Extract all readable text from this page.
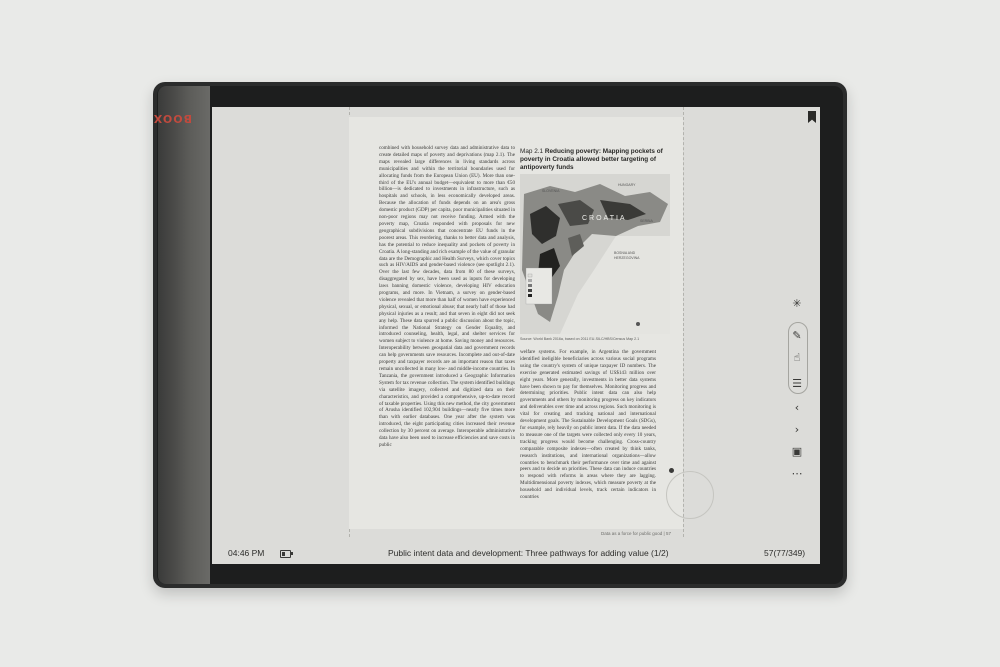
BOOX
combined with household survey data and administrative data to create detailed maps of poverty and deprivations (map 2.1). The maps revealed large differences in living standards across municipalities and within the territorial boundaries used for allocating funds from the European Union (EU). More than one-third of the EU's annual budget—equivalent to more than €50 billion—is dedicated to investments in infrastructure, such as hospitals and schools, in less economically developed areas. Because the allocation of funds depends on an area's gross domestic product (GDP) per capita, poor municipalities situated in non-poor regions may not receive funding. Armed with the poverty map, Croatia responded with proposals for new geographical subdivisions that concentrate EU funds in the poorest areas. This reordering, thanks to better data and analysis, has the potential to reduce inequality and pockets of poverty in Croatia. A long-standing and rich example of the value of granular data are the Demographic and Health Surveys, which cover topics such as HIV/AIDS and gender-based violence (see spotlight 2.1). Over the last few decades, data from 80 of these surveys, disaggregated by sex, have been used as inputs for developing laws banning domestic violence, developing HIV education programs, and more. In Vietnam, a survey on gender-based violence revealed that more than half of women have experienced physical, sexual, or emotional abuse; that nearly half of those had physical injuries as a result; and that seven in eight did not seek any help. These data spurred a public discussion about the topic, informed the National Strategy on Gender Equality, and introduced counseling, health, legal, and shelter services for women subject to violence at home. Saving money and resources. Interoperability between geospatial data and government records can help governments save resources. Incomplete and out-of-date property and taxpayer records are an important reason that taxes remain uncollected in many low- and middle-income countries. In Tanzania, the government introduced a Geographic Information System for tax revenue collection. The system identified buildings via satellite imagery, collected and digitized data on their characteristics, and provided a comprehensive, up-to-date record of taxable properties. Using this new method, the city government of Arusha identified 102,904 buildings—nearly five times more than with earlier databases. One year after the system was introduced, the eight participating cities increased their revenue collection by 30 percent on average. Interoperable administrative data have also been used to increase efficiencies and save costs in public
Map 2.1 Reducing poverty: Mapping pockets of poverty in Croatia allowed better targeting of antipoverty funds
CROATIA
BOSNIA AND
HERZEGOVINA
SLOVENIA
HUNGARY
SERBIA
Source: World Bank 2016a, based on 2011 EU-SILC/HBS/Census Map 2.1
welfare systems. For example, in Argentina the government identified ineligible beneficiaries across various social programs using the country's system of unique taxpayer ID numbers. The exercise generated estimated savings of US$143 million over eight years. More generally, investments in better data systems have been shown to pay for themselves. Monitoring progress and determining priorities. Public intent data can also help governments and others by monitoring progress on key indicators and deliverables over time and across regions. Such monitoring is vital for creating and tracking national and international development goals. The Sustainable Development Goals (SDGs), for example, rely heavily on public intent data. If the data needed to measure one of the targets were collected only every 10 years, tracking progress would become challenging. Cross-country comparable composite indexes—often created by think tanks, research institutions, and international organizations—allow countries to benchmark their performance over time and against peers and to decide on priorities. These data can induce countries to respond with reforms in areas where they are lagging. Multidimensional poverty indexes, which measure poverty at the household and individual levels, track certain indicators in countries
Data as a force for public good | 57
✳
✎
☝
☰
‹
›
▣
⋯
04:46 PM	Public intent data and development: Three pathways for adding value (1/2)	57(77/349)
